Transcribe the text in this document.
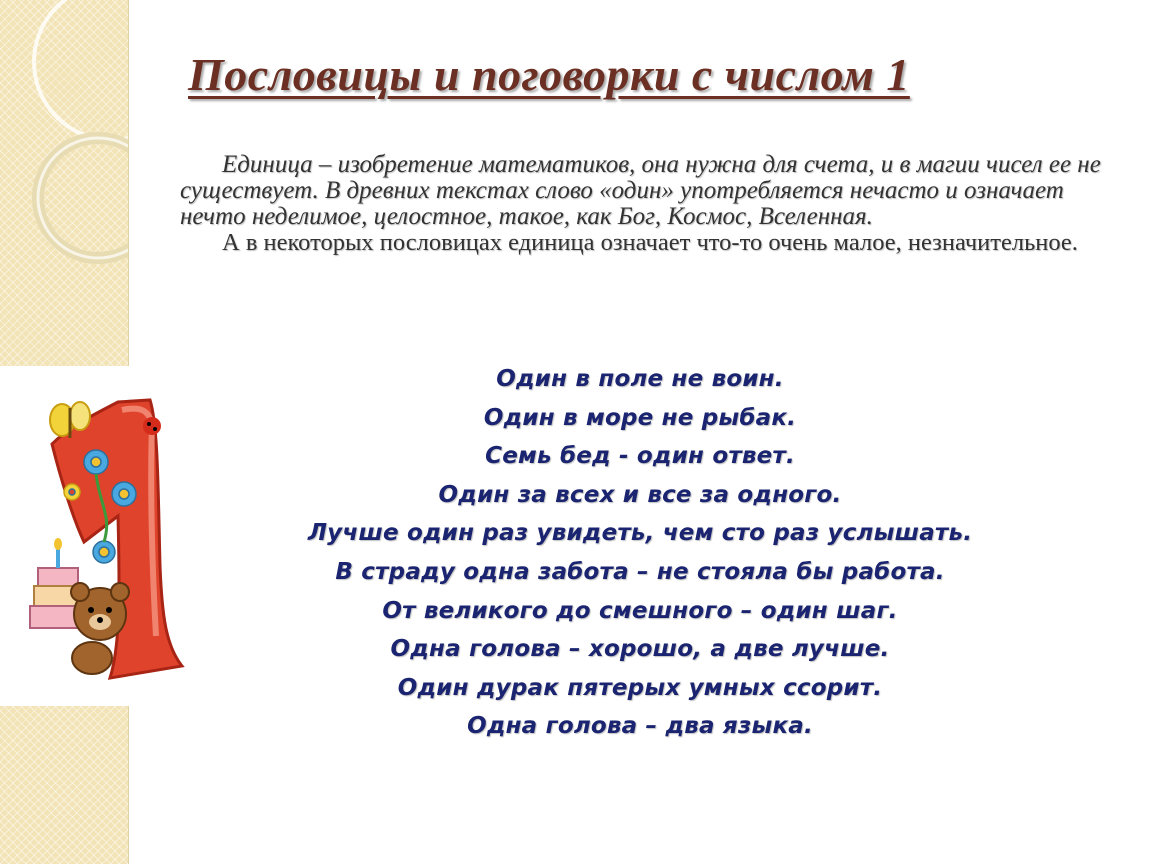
Пословицы и поговорки с числом 1

Единица – изобретение математиков, она нужна для счета, и в магии чисел ее не существует. В древних текстах слово «один» употребляется нечасто и означает нечто неделимое, целостное, такое, как Бог, Космос, Вселенная.

А в некоторых пословицах единица означает что-то очень малое, незначительное.

Один в поле не воин.
Один в море не рыбак.
Семь бед - один ответ.
Один за всех и все за одного.
Лучше один раз увидеть, чем сто раз услышать.
В страду одна забота – не стояла бы работа.
От великого до смешного – один шаг.
Одна голова – хорошо, а две лучше.
Один дурак пятерых умных ссорит.
Одна голова – два языка.
